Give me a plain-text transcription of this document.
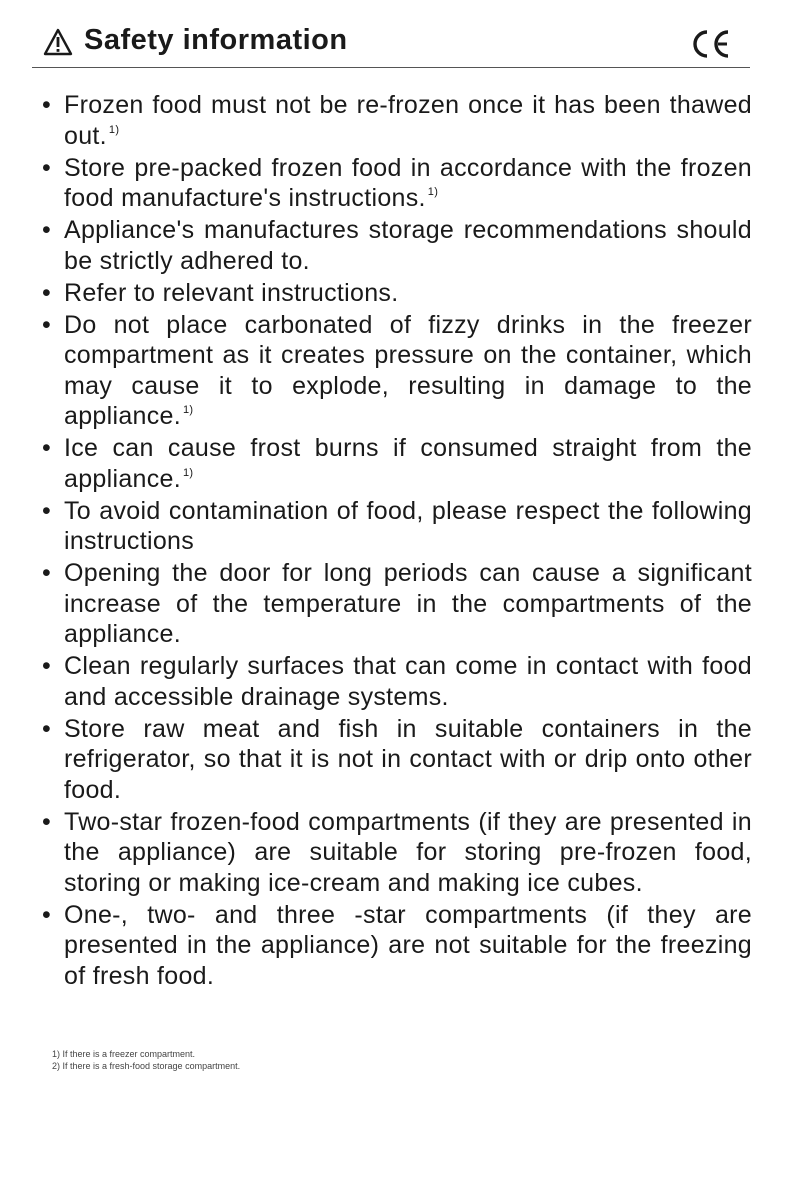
Safety information
• Frozen food must not be re-frozen once it has been thawed out. $^{1)}$
• Store pre-packed frozen food in accordance with the frozen food manufacture's instructions. $^{1)}$
• Appliance's manufactures storage recommendations should be strictly adhered to.
• Refer to relevant instructions.
• Do not place carbonated of fizzy drinks in the freezer compartment as it creates pressure on the container, which may cause it to explode, resulting in damage to the appliance. $^{1)}$
• Ice can cause frost burns if consumed straight from the appliance. $^{1)}$
• To avoid contamination of food, please respect the following instructions
• Opening the door for long periods can cause a significant increase of the temperature in the compartments of the appliance.
• Clean regularly surfaces that can come in contact with food and accessible drainage systems.
• Store raw meat and fish in suitable containers in the refrigerator, so that it is not in contact with or drip onto other food.
• Two-star frozen-food compartments (if they are presented in the appliance) are suitable for storing pre-frozen food, storing or making ice-cream and making ice cubes.
• One-, two- and three -star compartments (if they are presented in the appliance) are not suitable for the freezing of fresh food.
1) If there is a freezer compartment.
2) If there is a fresh-food storage compartment.
